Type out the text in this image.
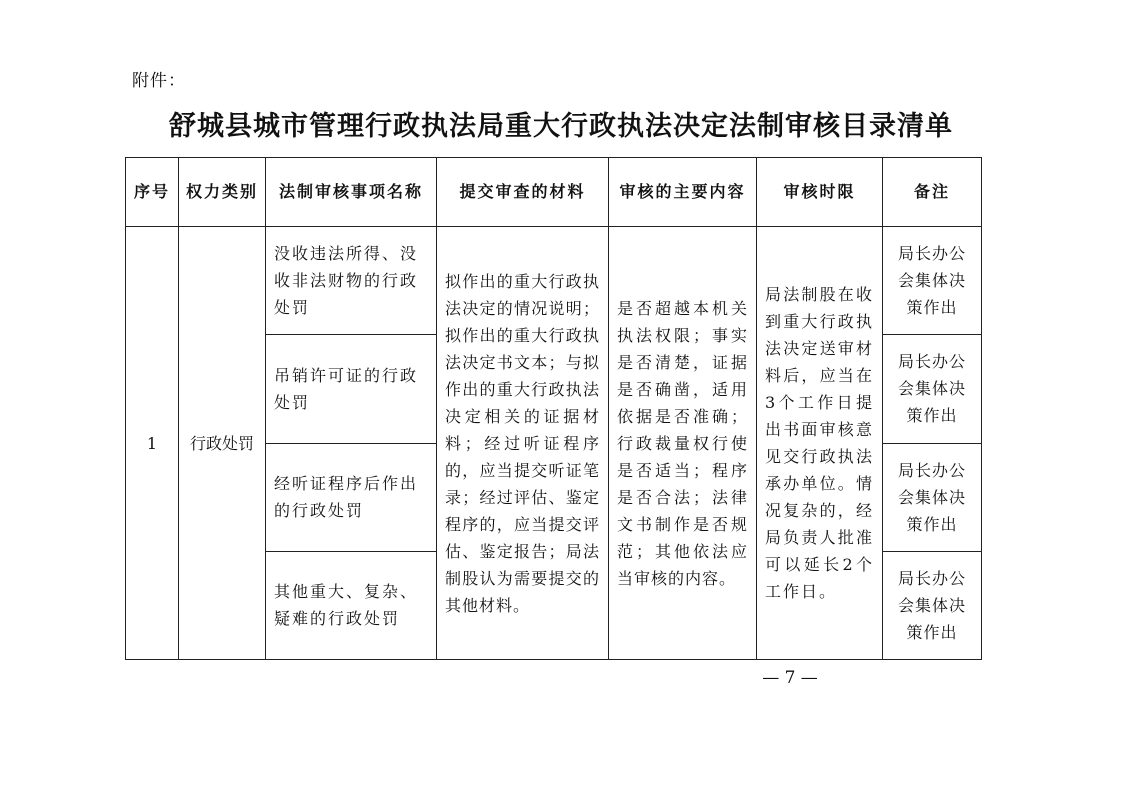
附件：
舒城县城市管理行政执法局重大行政执法决定法制审核目录清单
序号	权力类别	法制审核事项名称	提交审查的材料	审核的主要内容	审核时限	备注
1	行政处罚	没收违法所得、没收非法财物的行政处罚	拟作出的重大行政执法决定的情况说明；拟作出的重大行政执法决定书文本；与拟作出的重大行政执法决定相关的证据材料；经过听证程序的，应当提交听证笔录；经过评估、鉴定程序的，应当提交评估、鉴定报告；局法制股认为需要提交的其他材料。	是否超越本机关执法权限；事实是否清楚，证据是否确凿，适用依据是否准确；行政裁量权行使是否适当；程序是否合法；法律文书制作是否规范；其他依法应当审核的内容。	局法制股在收到重大行政执法决定送审材料后，应当在3个工作日提出书面审核意见交行政执法承办单位。情况复杂的，经局负责人批准可以延长2个工作日。	局长办公会集体决策作出
		吊销许可证的行政处罚				局长办公会集体决策作出
		经听证程序后作出的行政处罚				局长办公会集体决策作出
		其他重大、复杂、疑难的行政处罚				局长办公会集体决策作出
— 7 —
